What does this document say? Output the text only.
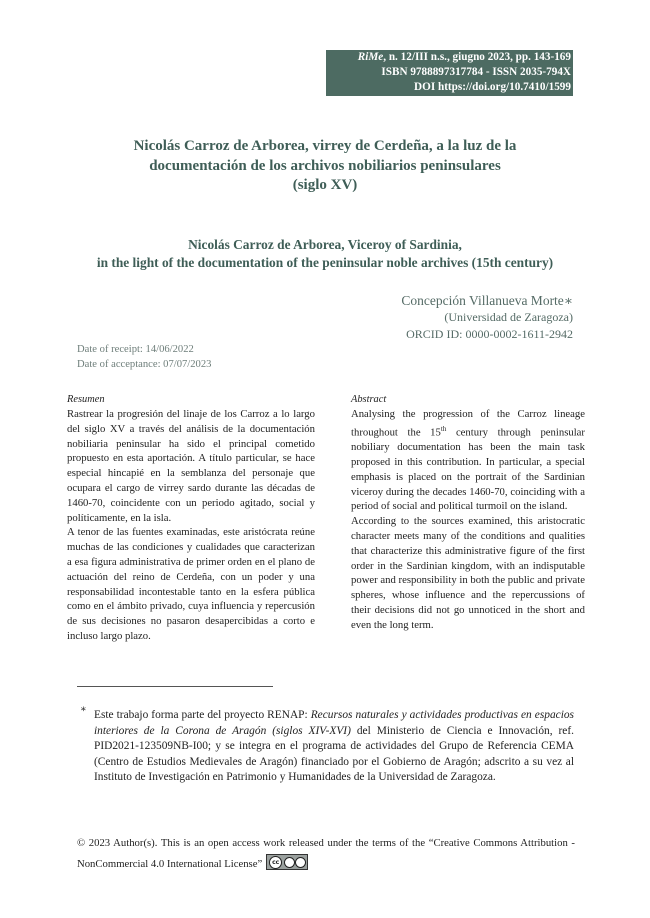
RiMe, n. 12/III n.s., giugno 2023, pp. 143-169
ISBN 9788897317784 - ISSN 2035-794X
DOI https://doi.org/10.7410/1599
Nicolás Carroz de Arborea, virrey de Cerdeña, a la luz de la
documentación de los archivos nobiliarios peninsulares
(siglo XV)
Nicolás Carroz de Arborea, Viceroy of Sardinia,
in the light of the documentation of the peninsular noble archives (15th century)
Concepción Villanueva Morte∗
(Universidad de Zaragoza)
ORCID ID: 0000-0002-1611-2942
Date of receipt: 14/06/2022
Date of acceptance: 07/07/2023
Resumen

Rastrear la progresión del linaje de los Carroz a lo largo del siglo XV a través del análisis de la documentación nobiliaria peninsular ha sido el principal cometido propuesto en esta aportación. A título particular, se hace especial hincapié en la semblanza del personaje que ocupara el cargo de virrey sardo durante las décadas de 1460-70, coincidente con un periodo agitado, social y políticamente, en la isla.

A tenor de las fuentes examinadas, este aristócrata reúne muchas de las condiciones y cualidades que caracterizan a esa figura administrativa de primer orden en el plano de actuación del reino de Cerdeña, con un poder y una responsabilidad incontestable tanto en la esfera pública como en el ámbito privado, cuya influencia y repercusión de sus decisiones no pasaron desapercibidas a corto e incluso largo plazo.

Abstract

Analysing the progression of the Carroz lineage throughout the 15th century through peninsular nobiliary documentation has been the main task proposed in this contribution. In particular, a special emphasis is placed on the portrait of the Sardinian viceroy during the decades 1460-70, coinciding with a period of social and political turmoil on the island.

According to the sources examined, this aristocratic character meets many of the conditions and qualities that characterize this administrative figure of the first order in the Sardinian kingdom, with an indisputable power and responsibility in both the public and private spheres, whose influence and the repercussions of their decisions did not go unnoticed in the short and even the long term.

∗ Este trabajo forma parte del proyecto RENAP: Recursos naturales y actividades productivas en espacios interiores de la Corona de Aragón (siglos XIV-XVI) del Ministerio de Ciencia e Innovación, ref. PID2021-123509NB-I00; y se integra en el programa de actividades del Grupo de Referencia CEMA (Centro de Estudios Medievales de Aragón) financiado por el Gobierno de Aragón; adscrito a su vez al Instituto de Investigación en Patrimonio y Humanidades de la Universidad de Zaragoza.
© 2023 Author(s). This is an open access work released under the terms of the “Creative Commons Attribution - NonCommercial 4.0 International License”	cc
